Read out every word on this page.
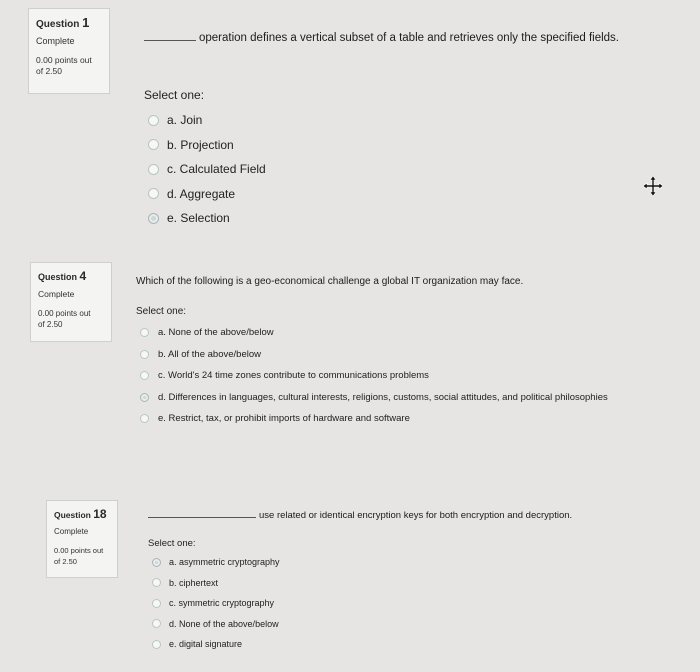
Question 1
Complete
0.00 points out
of 2.50
operation defines a vertical subset of a table and retrieves only the specified fields.
Select one:
a. Join
b. Projection
c. Calculated Field
d. Aggregate
e. Selection
Question 4
Complete
0.00 points out
of 2.50
Which of the following is a geo-economical challenge a global IT organization may face.
Select one:
a. None of the above/below
b. All of the above/below
c. World's 24 time zones contribute to communications problems
d. Differences in languages, cultural interests, religions, customs, social attitudes, and political philosophies
e. Restrict, tax, or prohibit imports of hardware and software
Question 18
Complete
0.00 points out
of 2.50
use related or identical encryption keys for both encryption and decryption.
Select one:
a. asymmetric cryptography
b. ciphertext
c. symmetric cryptography
d. None of the above/below
e. digital signature
